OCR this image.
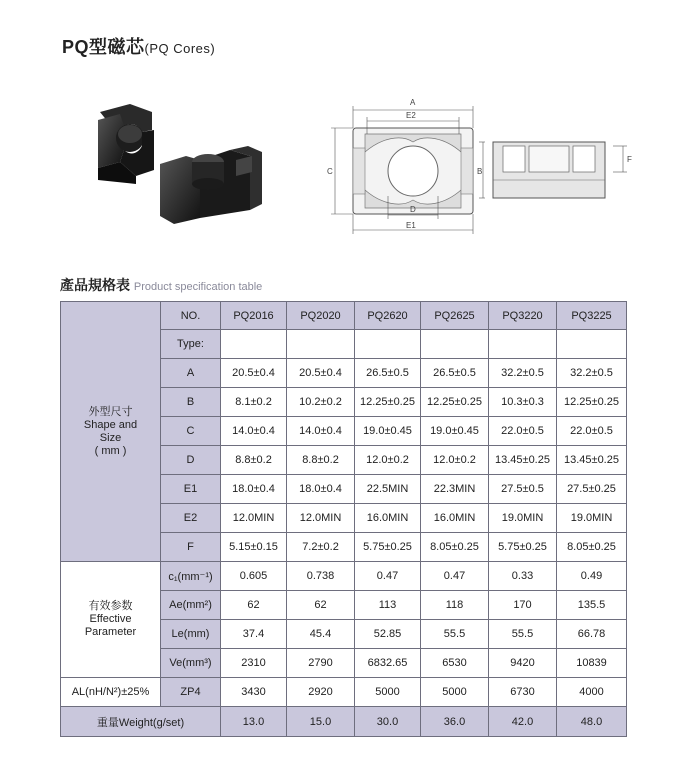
PQ型磁芯(PQ Cores)
A
E2
C
D
E1
B
F
產品規格表 Product specification table
外型尺寸
Shape and
Size
( mm )	NO.	PQ2016	PQ2020	PQ2620	PQ2625	PQ3220	PQ3225
	Type:						
	A	20.5±0.4	20.5±0.4	26.5±0.5	26.5±0.5	32.2±0.5	32.2±0.5
	B	8.1±0.2	10.2±0.2	12.25±0.25	12.25±0.25	10.3±0.3	12.25±0.25
	C	14.0±0.4	14.0±0.4	19.0±0.45	19.0±0.45	22.0±0.5	22.0±0.5
	D	8.8±0.2	8.8±0.2	12.0±0.2	12.0±0.2	13.45±0.25	13.45±0.25
	E1	18.0±0.4	18.0±0.4	22.5MIN	22.3MIN	27.5±0.5	27.5±0.25
	E2	12.0MIN	12.0MIN	16.0MIN	16.0MIN	19.0MIN	19.0MIN
	F	5.15±0.15	7.2±0.2	5.75±0.25	8.05±0.25	5.75±0.25	8.05±0.25

有效参数
Effective
Parameter	c₁(mm⁻¹)	0.605	0.738	0.47	0.47	0.33	0.49
	Ae(mm²)	62	62	113	118	170	135.5
	Le(mm)	37.4	45.4	52.85	55.5	55.5	66.78
	Ve(mm³)	2310	2790	6832.65	6530	9420	10839
AL(nH/N²)±25%	ZP4	3430	2920	5000	5000	6730	4000
重量Weight(g/set)		13.0	15.0	30.0	36.0	42.0	48.0
